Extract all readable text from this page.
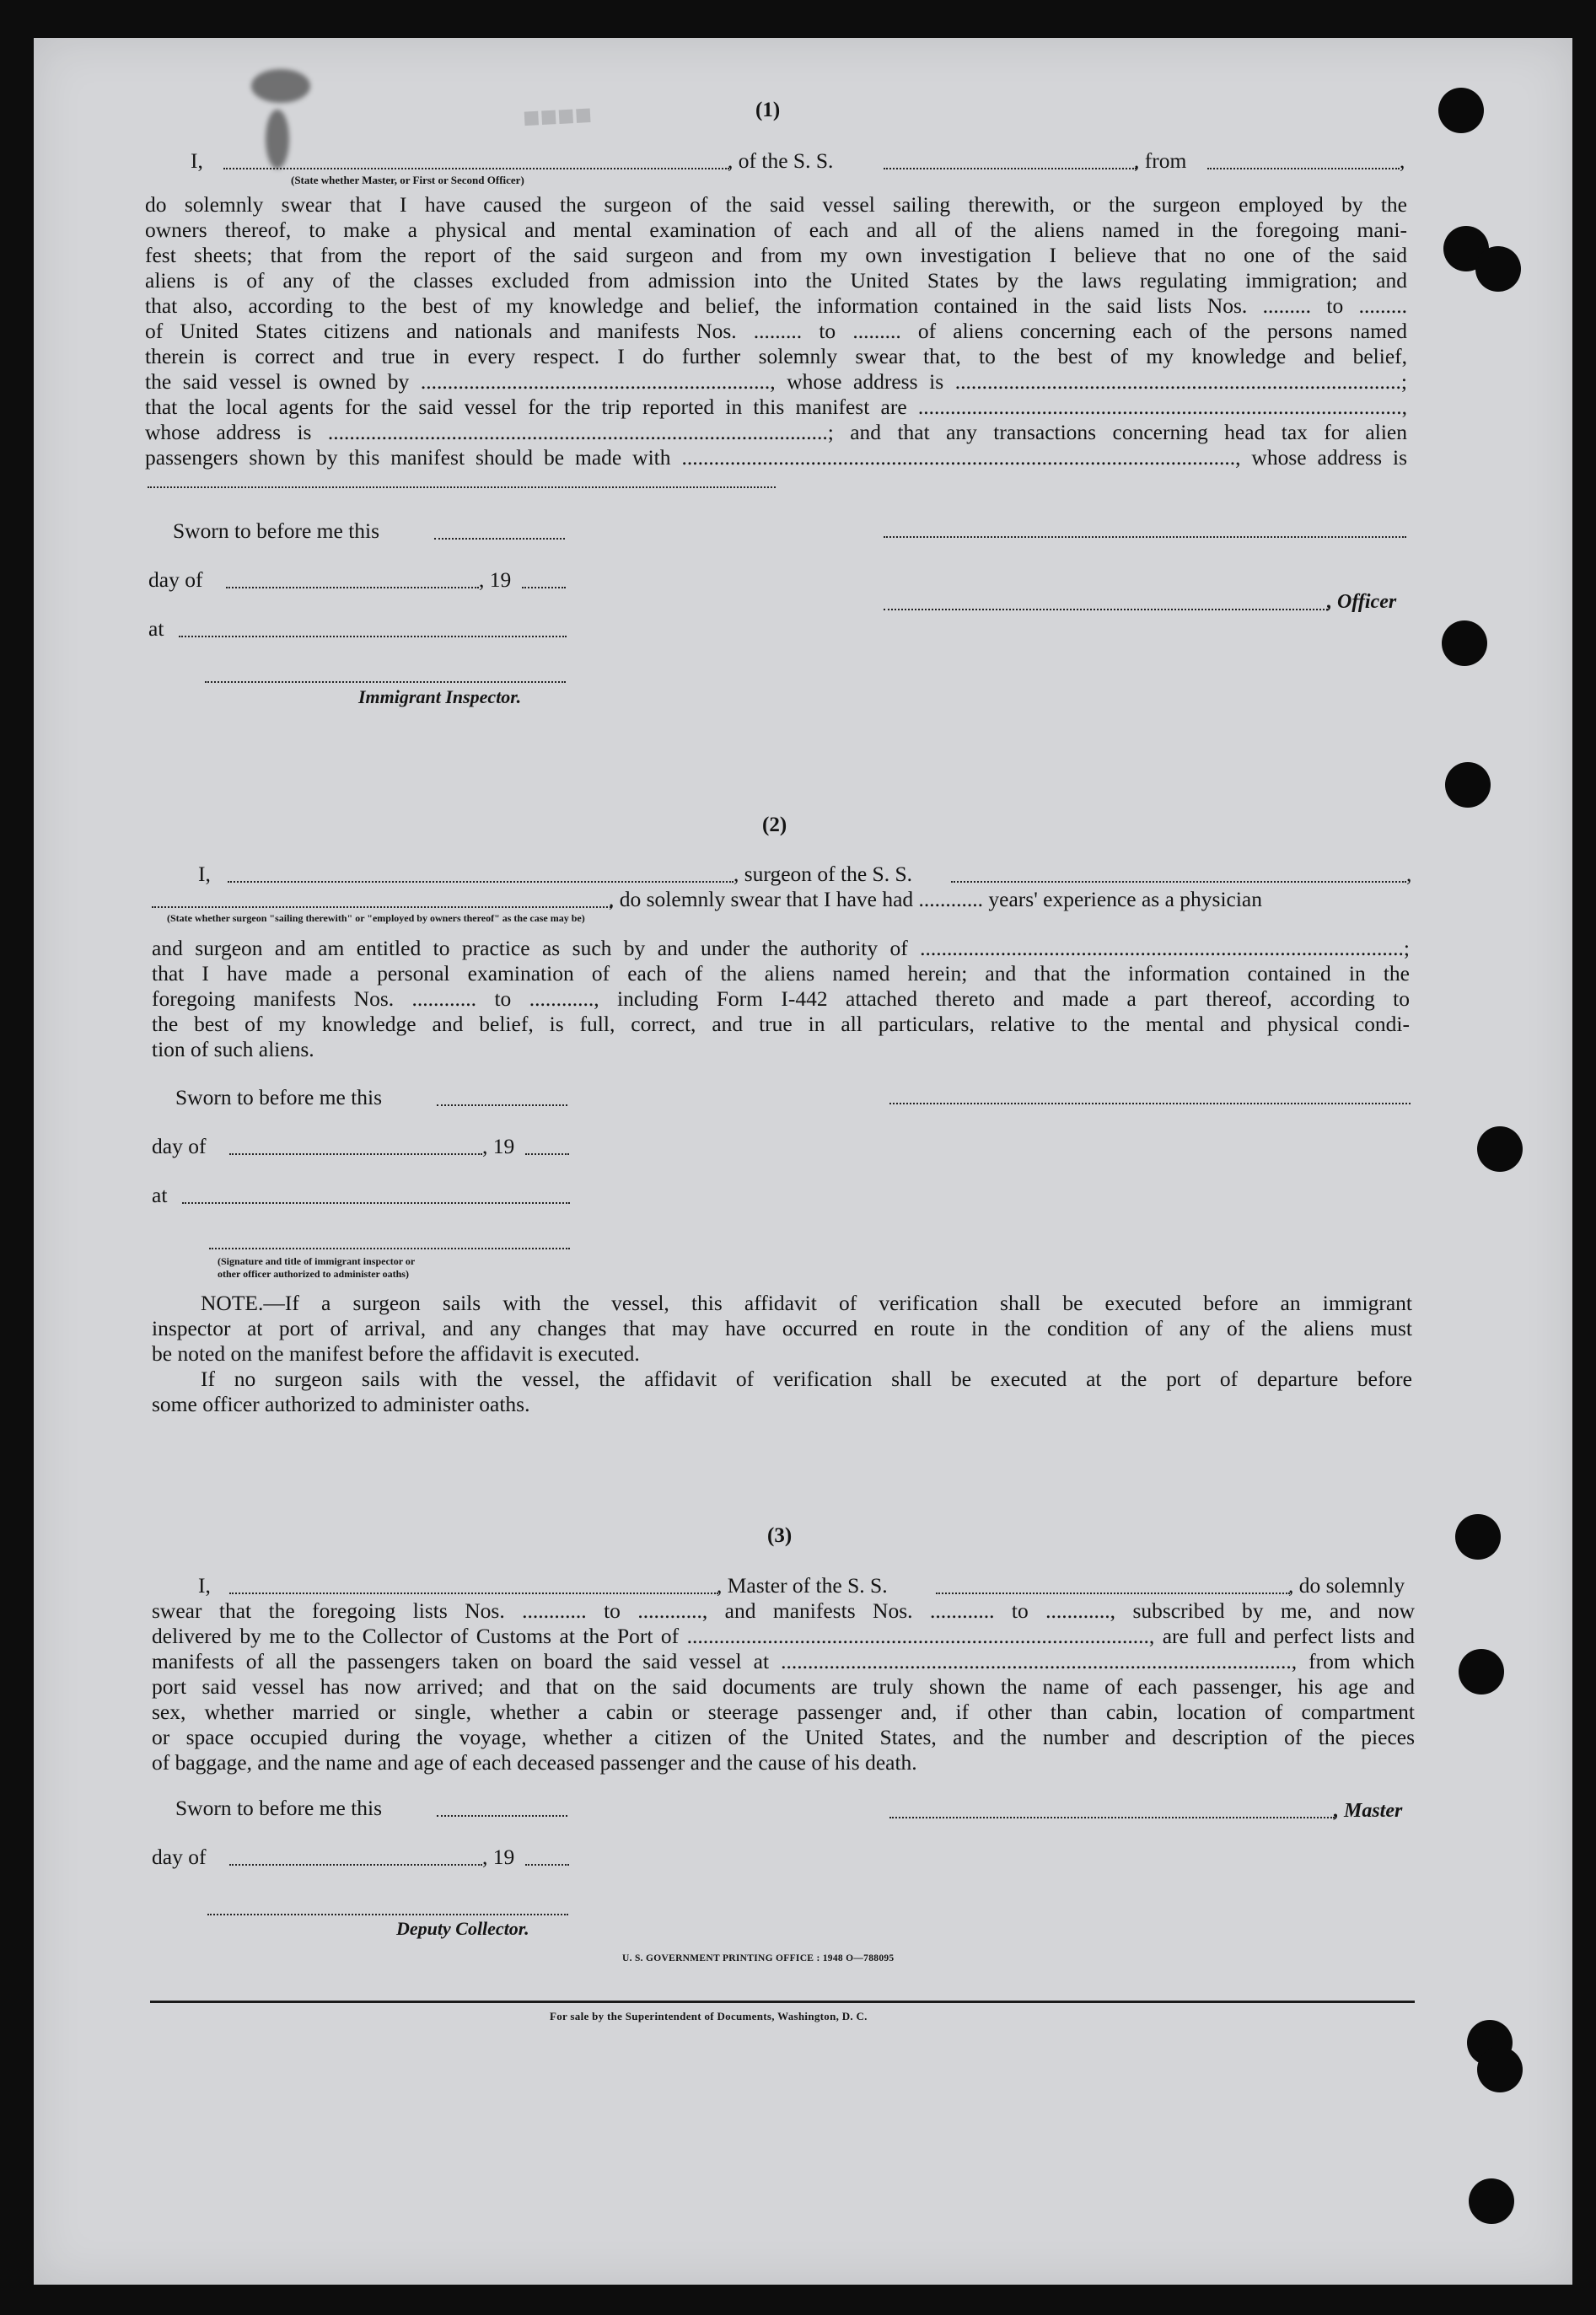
■■■■	(1)
I,	, of the S. S.	, from	,
(State whether Master, or First or Second Officer)
do solemnly swear that I have caused the surgeon of the said vessel sailing therewith, or the surgeon employed by the
owners thereof, to make a physical and mental examination of each and all of the aliens named in the foregoing mani-
fest sheets; that from the report of the said surgeon and from my own investigation I believe that no one of the said
aliens is of any of the classes excluded from admission into the United States by the laws regulating immigration; and
that also, according to the best of my knowledge and belief, the information contained in the said lists Nos. ......... to .........
of United States citizens and nationals and manifests Nos. ......... to ......... of aliens concerning each of the persons named
therein is correct and true in every respect. I do further solemnly swear that, to the best of my knowledge and belief,
the said vessel is owned by ................................................................., whose address is ...................................................................................;
that the local agents for the said vessel for the trip reported in this manifest are ..........................................................................................,
whose address is .............................................................................................; and that any transactions concerning head tax for alien
passengers shown by this manifest should be made with ......................................................................................................., whose address is
Sworn to before me this
day of	, 19
, Officer
at
Immigrant Inspector.
(2)
I,	, surgeon of the S. S.	,
, do solemnly swear that I have had ............ years' experience as a physician
(State whether surgeon "sailing therewith" or "employed by owners thereof" as the case may be)
and surgeon and am entitled to practice as such by and under the authority of ..........................................................................................;
that I have made a personal examination of each of the aliens named herein; and that the information contained in the
foregoing manifests Nos. ............ to ............, including Form I-442 attached thereto and made a part thereof, according to
the best of my knowledge and belief, is full, correct, and true in all particulars, relative to the mental and physical condi-
tion of such aliens.
Sworn to before me this
day of	, 19
at
(Signature and title of immigrant inspector or
other officer authorized to administer oaths)
NOTE.—If a surgeon sails with the vessel, this affidavit of verification shall be executed before an immigrant
inspector at port of arrival, and any changes that may have occurred en route in the condition of any of the aliens must
be noted on the manifest before the affidavit is executed.
If no surgeon sails with the vessel, the affidavit of verification shall be executed at the port of departure before
some officer authorized to administer oaths.
(3)
I,	, Master of the S. S.	, do solemnly
swear that the foregoing lists Nos. ............ to ............, and manifests Nos. ............ to ............, subscribed by me, and now
delivered by me to the Collector of Customs at the Port of ......................................................................................, are full and perfect lists and
manifests of all the passengers taken on board the said vessel at ..............................................................................................., from which
port said vessel has now arrived; and that on the said documents are truly shown the name of each passenger, his age and
sex, whether married or single, whether a cabin or steerage passenger and, if other than cabin, location of compartment
or space occupied during the voyage, whether a citizen of the United States, and the number and description of the pieces
of baggage, and the name and age of each deceased passenger and the cause of his death.
Sworn to before me this	, Master
day of	, 19
Deputy Collector.
U. S. GOVERNMENT PRINTING OFFICE : 1948 O—788095
For sale by the Superintendent of Documents, Washington, D. C.
